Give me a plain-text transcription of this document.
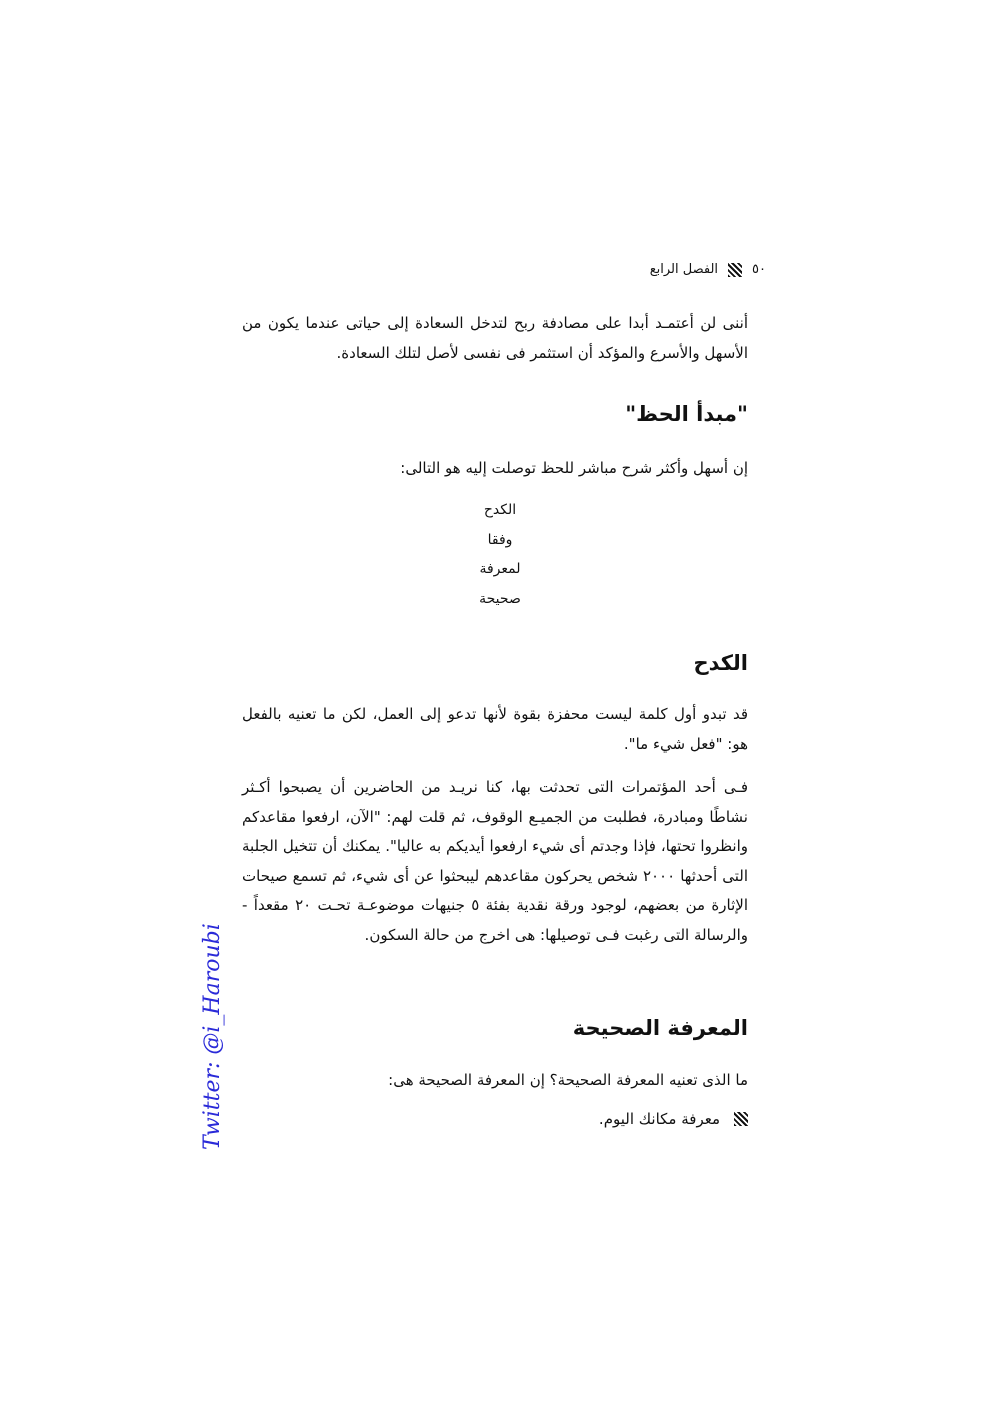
٥٠
الفصل الرابع
أننى لن أعتمـد أبدا على مصادفة ربح لتدخل السعادة إلى حياتى عندما يكون من الأسهل والأسرع والمؤكد أن استثمر فى نفسى لأصل لتلك السعادة.
"مبدأ الحظ"
إن أسهل وأكثر شرح مباشر للحظ توصلت إليه هو التالى:
الكدح
وفقا
لمعرفة
صحيحة
الكدح
قد تبدو أول كلمة ليست محفزة بقوة لأنها تدعو إلى العمل، لكن ما تعنيه بالفعل هو: "فعل شيء ما".
فـى أحد المؤتمرات التى تحدثت بها، كنا نريـد من الحاضرين أن يصبحوا أكـثر نشاطًا ومبادرة، فطلبت من الجميـع الوقوف، ثم قلت لهم: "الآن، ارفعوا مقاعدكم وانظروا تحتها، فإذا وجدتم أى شيء ارفعوا أيديكم به عاليا". يمكنك أن تتخيل الجلبة التى أحدثها ٢٠٠٠ شخص يحركون مقاعدهم ليبحثوا عن أى شيء، ثم تسمع صيحات الإثارة من بعضهم، لوجود ورقة نقدية بفئة ٥ جنيهات موضوعـة تحـت ٢٠ مقعداً - والرسالة التى رغبت فـى توصيلها: هى اخرج من حالة السكون.
المعرفة الصحيحة
ما الذى تعنيه المعرفة الصحيحة؟ إن المعرفة الصحيحة هى:
معرفة مكانك اليوم.
Twitter: @i_Haroubi
